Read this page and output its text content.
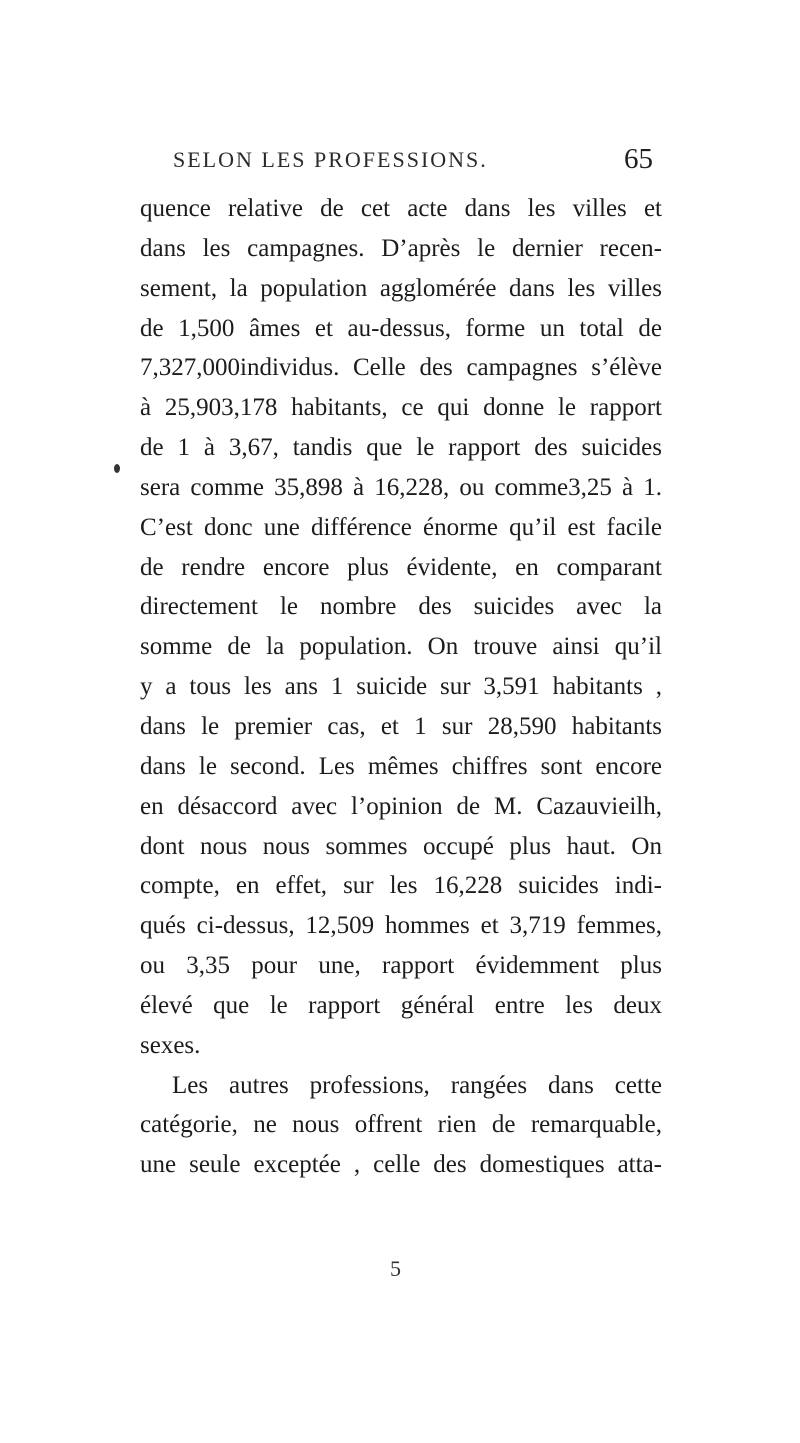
SELON LES PROFESSIONS.	65
quence relative de cet acte dans les villes et
dans les campagnes. D’après le dernier recen-
sement, la population agglomérée dans les villes
de 1,500 âmes et au-dessus, forme un total de
7,327,000individus. Celle des campagnes s’élève
à 25,903,178 habitants, ce qui donne le rapport
de 1 à 3,67, tandis que le rapport des suicides
sera comme 35,898 à 16,228, ou comme3,25 à 1.
C’est donc une différence énorme qu’il est facile
de rendre encore plus évidente, en comparant
directement le nombre des suicides avec la
somme de la population. On trouve ainsi qu’il
y a tous les ans 1 suicide sur 3,591 habitants ,
dans le premier cas, et 1 sur 28,590 habitants
dans le second. Les mêmes chiffres sont encore
en désaccord avec l’opinion de M. Cazauvieilh,
dont nous nous sommes occupé plus haut. On
compte, en effet, sur les 16,228 suicides indi-
qués ci-dessus, 12,509 hommes et 3,719 femmes,
ou 3,35 pour une, rapport évidemment plus
élevé que le rapport général entre les deux
sexes.
Les autres professions, rangées dans cette
catégorie, ne nous offrent rien de remarquable,
une seule exceptée , celle des domestiques atta-
5
